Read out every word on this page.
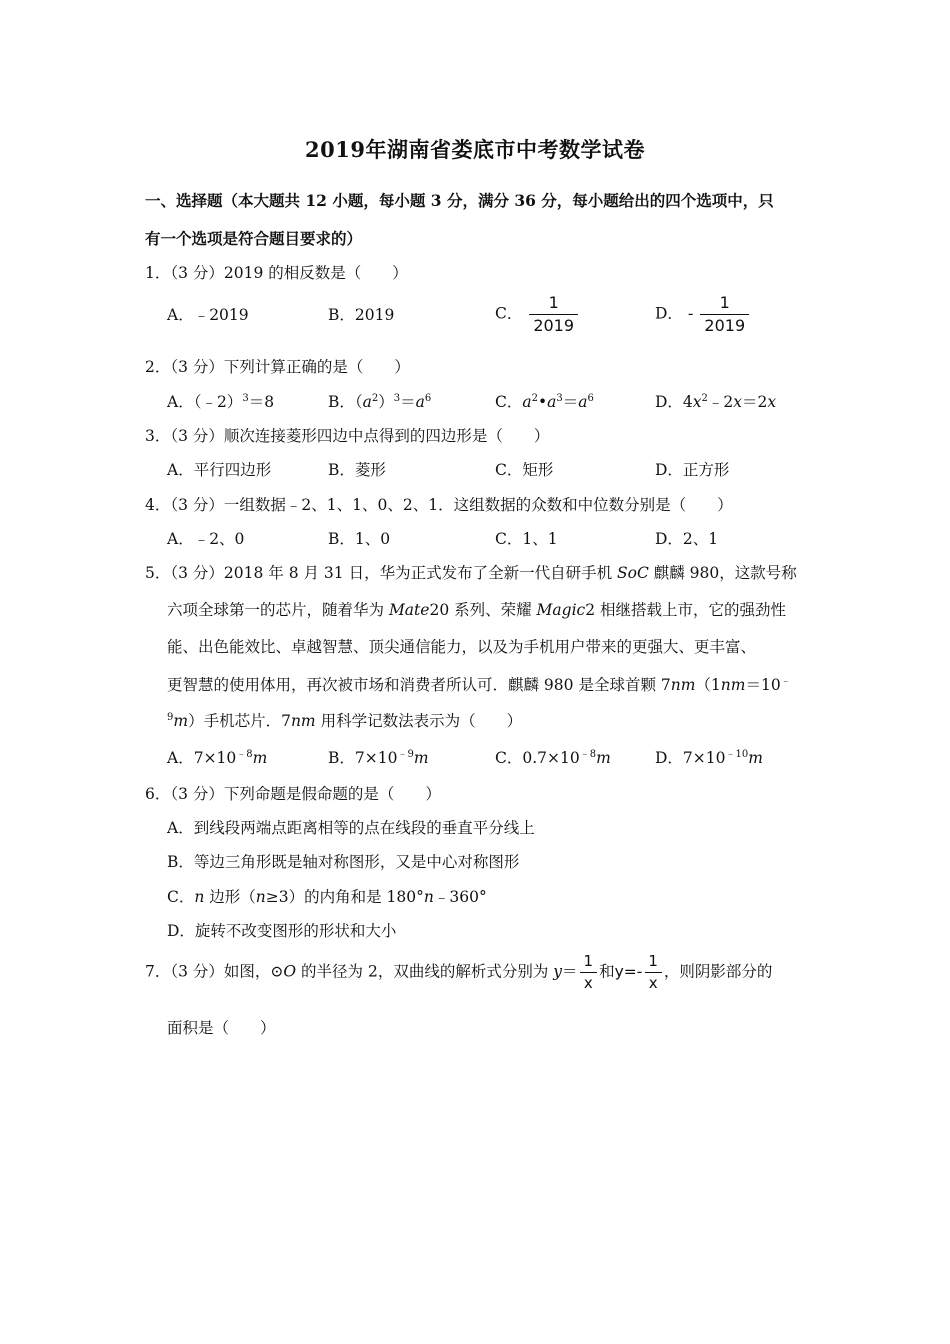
2019年湖南省娄底市中考数学试卷
一、选择题（本大题共 12 小题，每小题 3 分，满分 36 分，每小题给出的四个选项中，只
有一个选项是符合题目要求的）
1．（3 分）2019 的相反数是（　　）
A．﹣2019	B．2019	C． $\frac{1}{2019}$	D． - $\frac{1}{2019}$
2．（3 分）下列计算正确的是（　　）
A．（﹣2）$^3$＝8	B．$(a^2)^3=a^6$	C．$a^2•a^3=a^6$	D．$4x^2﹣2x=2x$
3．（3 分）顺次连接菱形四边中点得到的四边形是（　　）
A．平行四边形	B．菱形	C．矩形	D．正方形
4．（3 分）一组数据﹣2、1、1、0、2、1．这组数据的众数和中位数分别是（　　）
A．﹣2、0	B．1、0	C．1、1	D．2、1
5．（3 分）2018 年 8 月 31 日，华为正式发布了全新一代自研手机 SoC 麒麟 980，这款号称
六项全球第一的芯片，随着华为 Mate20 系列、荣耀 Magic2 相继搭载上市，它的强劲性
能、出色能效比、卓越智慧、顶尖通信能力，以及为手机用户带来的更强大、更丰富、
更智慧的使用体用，再次被市场和消费者所认可．麒麟 980 是全球首颗 7nm（1nm＝10﹣
$^9$m）手机芯片．7nm 用科学记数法表示为（　　）
A．$7\times 10^{﹣8}m$	B．$7\times 10^{﹣9}m$	C．$0.7\times 10^{﹣8}m$	D．$7\times 10^{﹣10}m$
6．（3 分）下列命题是假命题的是（　　）
A．到线段两端点距离相等的点在线段的垂直平分线上
B．等边三角形既是轴对称图形，又是中心对称图形
C．n 边形（n≥3）的内角和是 180°n﹣360°
D．旋转不改变图形的形状和大小
7．（3 分）如图，⊙O 的半径为 2，双曲线的解析式分别为 $y= \frac{1}{x}$ 和$y=- \frac{1}{x}$ ，则阴影部分的
面积是（　　）
